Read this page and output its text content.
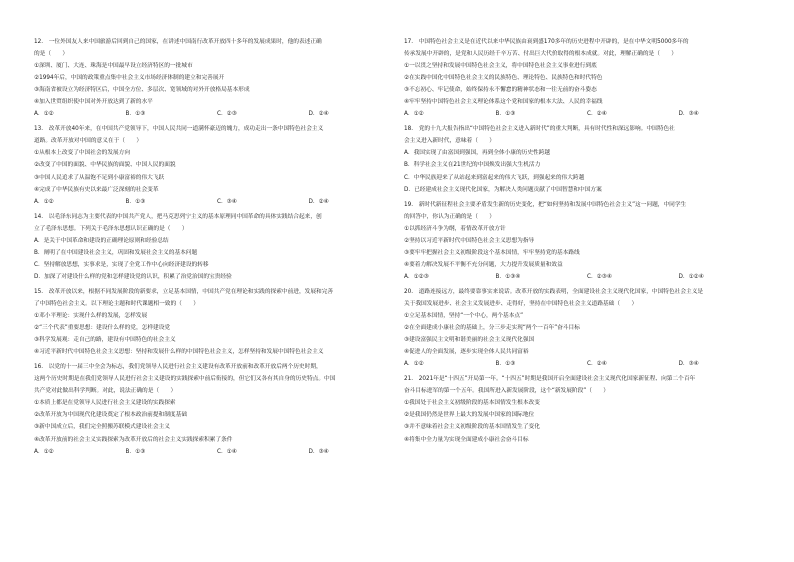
12.　一位外国友人来中国旅游后回到自己的国家，在讲述中国南行改革开放四十多年的发展成果时，他的表述正确
的是（　　）
①深圳、厦门、大连、珠海是中国最早设立经济特区的一批城市
②1994年后，中国的政策重点集中社会主义市场经济体制的建立和完善展开
③海南省被设立为经济特区后，中国全方位、多层次、宽领域的对外开放格局基本形成
④加入世贸组织使中国对外开放达到了新的水平
A．①②	B．①③	C．②③	D．②④
13.　改革开放40年来，在中国共产党领导下，中国人民共同一道满怀豪迈的魄力，成功走出一条中国特色社会主义
道路。改革开放对中国的意义在于（　　）
①从根本上改变了中国社会的发展方向
②改变了中国的面貌、中华民族的面貌、中国人民的面貌
③中国人民追求了从温饱不足到小康富裕的伟大飞跃
④完成了中华民族有史以来最广泛深刻的社会变革
A．①②	B．①③	C．③④	D．②④
14.　以毛泽东同志为主要代表的中国共产党人，把马克思列宁主义的基本原理同中国革命的具体实践结合起来，创
立了毛泽东思想。下列关于毛泽东思想认识正确的是（　　）
A．是关于中国革命和建设的正确理论原则和经验总结
B．阐明了在中国建设社会主义，巩固和发展社会主义的基本问题
C．坚持解放思想，实事求是，实现了全党工作中心向经济建设的转移
D．加深了对建设什么样的党和怎样建设党的认识，积累了治党治国的宝贵经验
15.　改革开放以来，根据不同发展阶段的新要求，立足基本国情，中国共产党在理论和实践的探索中前进，发展和完善
了中国特色社会主义。以下理论主题和时代课题相一致的（　　）
①邓小平理论：实现什么样的发展，怎样发展
②“三个代表”重要思想：建设什么样的党，怎样建设党
③科学发展观：走自己的路，建设有中国特色的社会主义
④习近平新时代中国特色社会主义思想：坚持和发展什么样的中国特色社会主义，怎样坚持和发展中国特色社会主义
16.　以党的十一届三中全会为标志，我们党领导人民进行社会主义建设有改革开放前和改革开放后两个历史时期，
这两个历史时期是在我们党领导人民进行社会主义建设的实践探索中前后衔接的，但它们又各有其自身的历史特点。中国
共产党对此做出科学判断。对此，说法正确的是（　　）
①本质上都是在党领导人民进行社会主义建设的实践探索
②改革开放为中国现代化建设奠定了根本政治前提和制度基础
③新中国成立后，我们完全照搬苏联模式建设社会主义
④改革开放前的社会主义实践探索为改革开放后的社会主义实践探索积累了条件
A．①②	B．①③	C．①④	D．③④
17.　中国特色社会主义是在近代以来中华民族由衰到盛170多年的历史进程中开辟的，是在中华文明5000多年的
传承发展中开辟的，是党和人民历经千辛万苦、付出巨大代价取得的根本成就。对此，理解正确的是（　　）
①一以贯之坚持和发展中国特色社会主义，将中国特色社会主义事业进行到底
②在实践中国化中国特色社会主义的民族特色、理论特色、民族特色和时代特色
③不忘初心、牢记使命，始终保持永不懈怠的精神状态和一往无前的奋斗姿态
④牢牢坚持中国特色社会主义理论体系这个党和国家的根本大法、人民的幸福线
A．①②	B．①③	C．②④	D．③④
18.　党的十九大报告指出“中国特色社会主义进入新时代”的重大判断，具有时代性和深远影响。中国特色社
会主义进入新时代，意味着（　　）
A．我国实现了由富国到强国，再到全体小康的历史性跨越
B．科学社会主义在21世纪的中国焕发出强大生机活力
C．中华民族迎来了从站起来到富起来的伟大飞跃，到强起来的伟大跨越
D．已经建成社会主义现代化国家，为解决人类问题贡献了中国智慧和中国方案
19.　新时代新征程社会主要矛盾发生新的历史变化，把“如何坚持和发展中国特色社会主义”这一问题，中同学生
的回答中，你认为正确的是（　　）
①以抓经济斗争为纲，着情改革开放方针
②坚持以习近平新时代中国特色社会主义思想为指导
③要牢牢把握社会主义初级阶段这个基本国情，牢牢坚持党的基本路线
④要着力解决发展不平衡不充分问题，大力提升发展质量和效益
A．①②③	B．①③④	C．②③④	D．①②④
20.　道路连接远方，最终要靠事实来说话。改革开放的实践表明，全面建设社会主义现代化国家，中国特色社会主义是
关于我国发展进步、社会主义发展进步、走得好，坚持在中国特色社会主义道路基础（　　）
①立足基本国情，坚持“一个中心，两个基本点”
②在全面建成小康社会的基础上，分三步走实现“两个一百年”奋斗目标
③建设富强民主文明和谐美丽的社会主义现代化强国
④促进人的全面发展，逐步实现全体人民共同富裕
A．①②	B．①③	C．②④	D．③④
21.　2021年是“十四五”开局第一年。“十四五”时期是我国开启全面建设社会主义现代化国家新征程、向第二个百年
奋斗目标进军的第一个五年。我国所进入新发展阶段，这个“新发展阶段”（　　）
①我国处于社会主义初级阶段的基本国情发生根本改变
②是我国仍然是世界上最大的发展中国家的国际地位
③并不意味着社会主义初级阶段的基本国情发生了变化
④将集中全力量为实现全面建成小康社会奋斗目标
